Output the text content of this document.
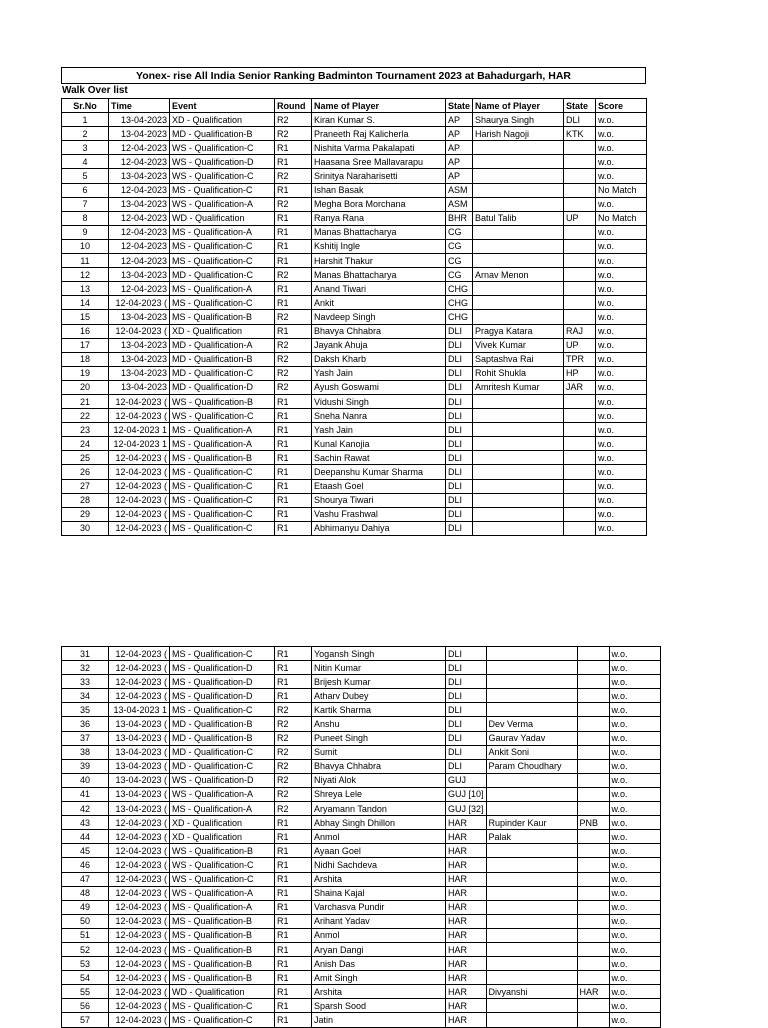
Yonex- rise All India Senior Ranking Badminton Tournament 2023 at Bahadurgarh, HAR
Walk Over list
Sr.No	Time	Event	Round	Name of Player	State	Name of Player	State	Score
1	13-04-2023	XD - Qualification	R2	Kiran Kumar S.	AP	Shaurya Singh	DLI	w.o.
2	13-04-2023	MD - Qualification-B	R2	Praneeth Raj Kalicherla	AP	Harish Nagoji	KTK	w.o.
3	12-04-2023	WS - Qualification-C	R1	Nishita Varma Pakalapati	AP			w.o.
4	12-04-2023	WS - Qualification-D	R1	Haasana Sree Mallavarapu	AP			w.o.
5	13-04-2023	WS - Qualification-C	R2	Srinitya Naraharisetti	AP			w.o.
6	12-04-2023	MS - Qualification-C	R1	Ishan Basak	ASM			No Match
7	13-04-2023	WS - Qualification-A	R2	Megha Bora Morchana	ASM			w.o.
8	12-04-2023	WD - Qualification	R1	Ranya Rana	BHR	Batul Talib	UP	No Match
9	12-04-2023	MS - Qualification-A	R1	Manas Bhattacharya	CG			w.o.
10	12-04-2023	MS - Qualification-C	R1	Kshitij Ingle	CG			w.o.
11	12-04-2023	MS - Qualification-C	R1	Harshit Thakur	CG			w.o.
12	13-04-2023	MD - Qualification-C	R2	Manas Bhattacharya	CG	Arnav Menon		w.o.
13	12-04-2023	MS - Qualification-A	R1	Anand Tiwari	CHG			w.o.
14	12-04-2023 (	MS - Qualification-C	R1	Ankit	CHG			w.o.
15	13-04-2023	MS - Qualification-B	R2	Navdeep Singh	CHG			w.o.
16	12-04-2023 (	XD - Qualification	R1	Bhavya Chhabra	DLI	Pragya Katara	RAJ	w.o.
17	13-04-2023	MD - Qualification-A	R2	Jayank Ahuja	DLI	Vivek Kumar	UP	w.o.
18	13-04-2023	MD - Qualification-B	R2	Daksh Kharb	DLI	Saptashva Rai	TPR	w.o.
19	13-04-2023	MD - Qualification-C	R2	Yash Jain	DLI	Rohit Shukla	HP	w.o.
20	13-04-2023	MD - Qualification-D	R2	Ayush Goswami	DLI	Amritesh Kumar	JAR	w.o.
21	12-04-2023 (	WS - Qualification-B	R1	Vidushi Singh	DLI			w.o.
22	12-04-2023 (	WS - Qualification-C	R1	Sneha Nanra	DLI			w.o.
23	12-04-2023 1	MS - Qualification-A	R1	Yash Jain	DLI			w.o.
24	12-04-2023 1	MS - Qualification-A	R1	Kunal Kanojia	DLI			w.o.
25	12-04-2023 (	MS - Qualification-B	R1	Sachin Rawat	DLI			w.o.
26	12-04-2023 (	MS - Qualification-C	R1	Deepanshu Kumar Sharma	DLI			w.o.
27	12-04-2023 (	MS - Qualification-C	R1	Etaash Goel	DLI			w.o.
28	12-04-2023 (	MS - Qualification-C	R1	Shourya Tiwari	DLI			w.o.
29	12-04-2023 (	MS - Qualification-C	R1	Vashu Frashwal	DLI			w.o.
30	12-04-2023 (	MS - Qualification-C	R1	Abhimanyu Dahiya	DLI			w.o.
31	12-04-2023 (	MS - Qualification-C	R1	Yogansh Singh	DLI			w.o.
32	12-04-2023 (	MS - Qualification-D	R1	Nitin Kumar	DLI			w.o.
33	12-04-2023 (	MS - Qualification-D	R1	Brijesh Kumar	DLI			w.o.
34	12-04-2023 (	MS - Qualification-D	R1	Atharv Dubey	DLI			w.o.
35	13-04-2023 1	MS - Qualification-C	R2	Kartik Sharma	DLI			w.o.
36	13-04-2023 (	MD - Qualification-B	R2	Anshu	DLI	Dev Verma		w.o.
37	13-04-2023 (	MD - Qualification-B	R2	Puneet Singh	DLI	Gaurav Yadav		w.o.
38	13-04-2023 (	MD - Qualification-C	R2	Sumit	DLI	Ankit Soni		w.o.
39	13-04-2023 (	MD - Qualification-C	R2	Bhavya Chhabra	DLI	Param Choudhary		w.o.
40	13-04-2023 (	WS - Qualification-D	R2	Niyati Alok	GUJ			w.o.
41	13-04-2023 (	WS - Qualification-A	R2	Shreya Lele	GUJ [10]			w.o.
42	13-04-2023 (	MS - Qualification-A	R2	Aryamann Tandon	GUJ [32]			w.o.
43	12-04-2023 (	XD - Qualification	R1	Abhay Singh Dhillon	HAR	Rupinder Kaur	PNB	w.o.
44	12-04-2023 (	XD - Qualification	R1	Anmol	HAR	Palak		w.o.
45	12-04-2023 (	WS - Qualification-B	R1	Ayaan Goel	HAR			w.o.
46	12-04-2023 (	WS - Qualification-C	R1	Nidhi Sachdeva	HAR			w.o.
47	12-04-2023 (	WS - Qualification-C	R1	Arshita	HAR			w.o.
48	12-04-2023 (	WS - Qualification-A	R1	Shaina Kajal	HAR			w.o.
49	12-04-2023 (	MS - Qualification-A	R1	Varchasva Pundir	HAR			w.o.
50	12-04-2023 (	MS - Qualification-B	R1	Arihant Yadav	HAR			w.o.
51	12-04-2023 (	MS - Qualification-B	R1	Anmol	HAR			w.o.
52	12-04-2023 (	MS - Qualification-B	R1	Aryan Dangi	HAR			w.o.
53	12-04-2023 (	MS - Qualification-B	R1	Anish Das	HAR			w.o.
54	12-04-2023 (	MS - Qualification-B	R1	Amit Singh	HAR			w.o.
55	12-04-2023 (	WD - Qualification	R1	Arshita	HAR	Divyanshi	HAR	w.o.
56	12-04-2023 (	MS - Qualification-C	R1	Sparsh Sood	HAR			w.o.
57	12-04-2023 (	MS - Qualification-C	R1	Jatin	HAR			w.o.
